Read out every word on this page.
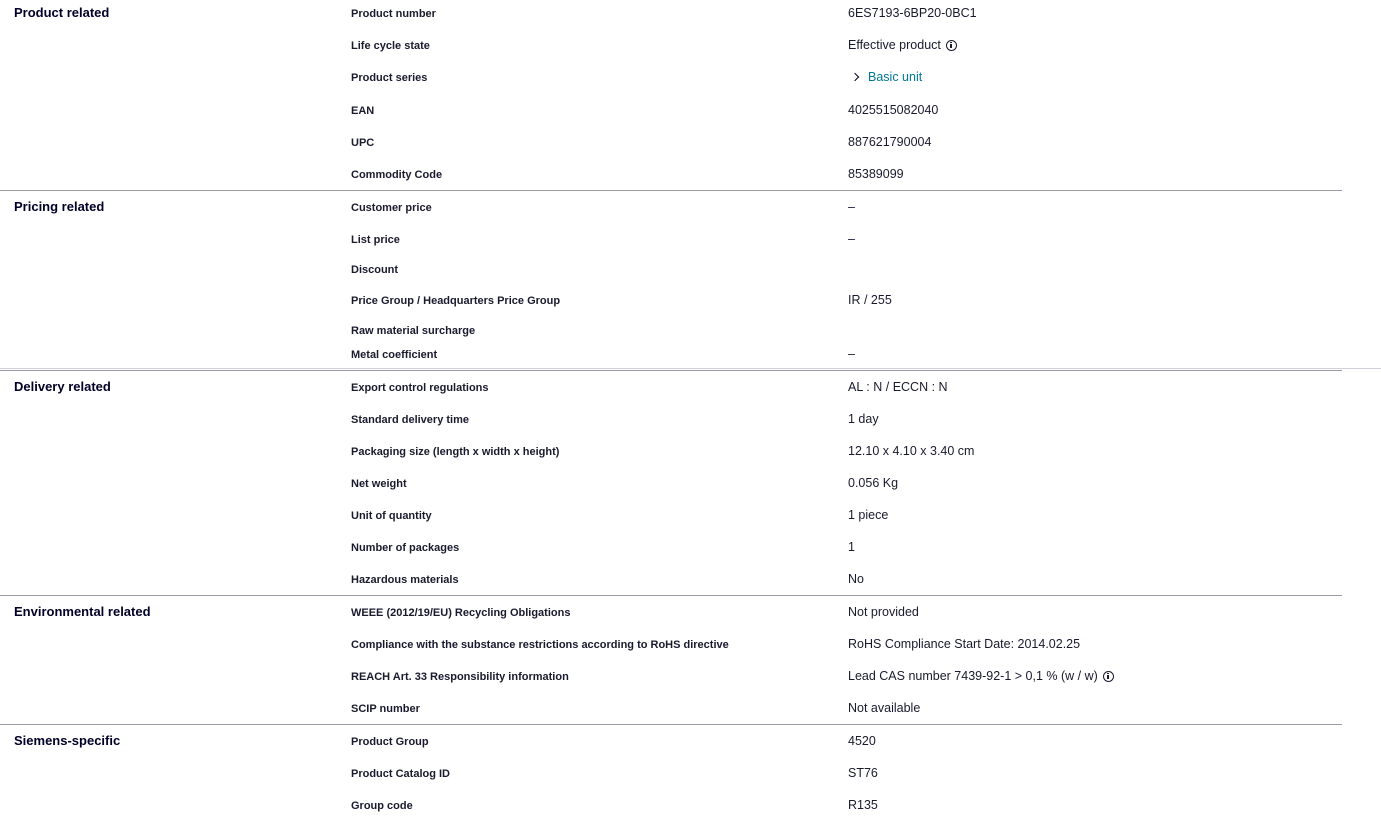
Product related	Product number	6ES7193-6BP20-0BC1
Life cycle state	Effective product
Product series	Basic unit
EAN	4025515082040
UPC	887621790004
Commodity Code	85389099
Pricing related	Customer price	–
List price	–
Discount
Price Group / Headquarters Price Group	IR / 255
Raw material surcharge
Metal coefficient	–
Delivery related	Export control regulations	AL : N / ECCN : N
Standard delivery time	1 day
Packaging size (length x width x height)	12.10 x 4.10 x 3.40 cm
Net weight	0.056 Kg
Unit of quantity	1 piece
Number of packages	1
Hazardous materials	No
Environmental related	WEEE (2012/19/EU) Recycling Obligations	Not provided
Compliance with the substance restrictions according to RoHS directive	RoHS Compliance Start Date: 2014.02.25
REACH Art. 33 Responsibility information	Lead CAS number 7439-92-1 > 0,1 % (w / w)
SCIP number	Not available
Siemens-specific	Product Group	4520
Product Catalog ID	ST76
Group code	R135
